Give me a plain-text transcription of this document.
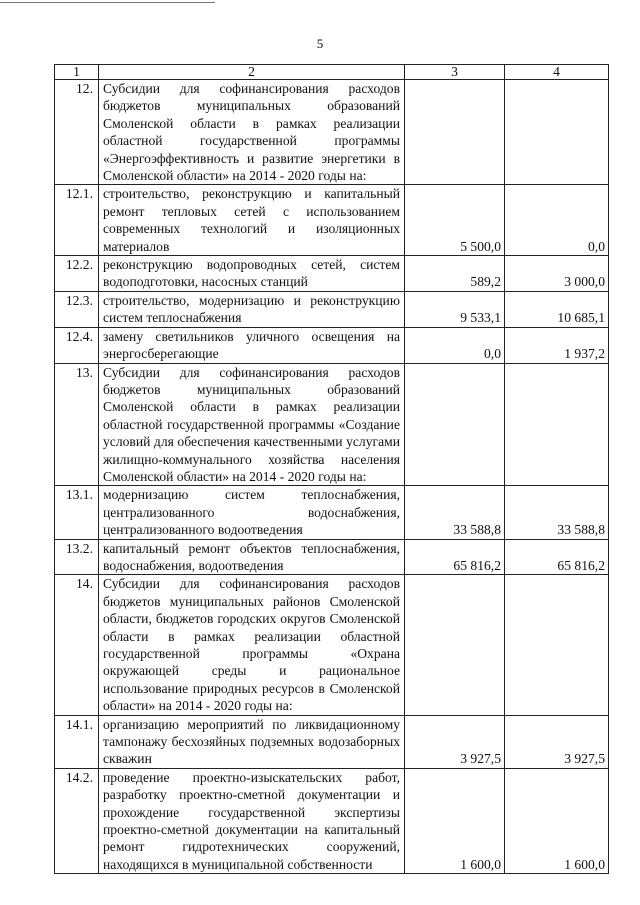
5
1	2	3	4
12.	Субсидии для софинансирования расходов бюджетов муниципальных образований Смоленской области в рамках реализации областной государственной программы «Энергоэффективность и развитие энергетики в Смоленской области» на 2014 - 2020 годы на:		
12.1.	строительство, реконструкцию и капитальный ремонт тепловых сетей с использованием современных технологий и изоляционных материалов	5 500,0	0,0
12.2.	реконструкцию водопроводных сетей, систем водоподготовки, насосных станций	589,2	3 000,0
12.3.	строительство, модернизацию и реконструкцию систем теплоснабжения	9 533,1	10 685,1
12.4.	замену светильников уличного освещения на энергосберегающие	0,0	1 937,2
13.	Субсидии для софинансирования расходов бюджетов муниципальных образований Смоленской области в рамках реализации областной государственной программы «Создание условий для обеспечения качественными услугами жилищно-коммунального хозяйства населения Смоленской области» на 2014 - 2020 годы на:		
13.1.	модернизацию систем теплоснабжения, централизованного водоснабжения, централизованного водоотведения	33 588,8	33 588,8
13.2.	капитальный ремонт объектов теплоснабжения, водоснабжения, водоотведения	65 816,2	65 816,2
14.	Субсидии для софинансирования расходов бюджетов муниципальных районов Смоленской области, бюджетов городских округов Смоленской области в рамках реализации областной государственной программы «Охрана окружающей среды и рациональное использование природных ресурсов в Смоленской области» на 2014 - 2020 годы на:		
14.1.	организацию мероприятий по ликвидационному тампонажу бесхозяйных подземных водозаборных скважин	3 927,5	3 927,5
14.2.	проведение проектно-изыскательских работ, разработку проектно-сметной документации и прохождение государственной экспертизы проектно-сметной документации на капитальный ремонт гидротехнических сооружений, находящихся в муниципальной собственности	1 600,0	1 600,0
